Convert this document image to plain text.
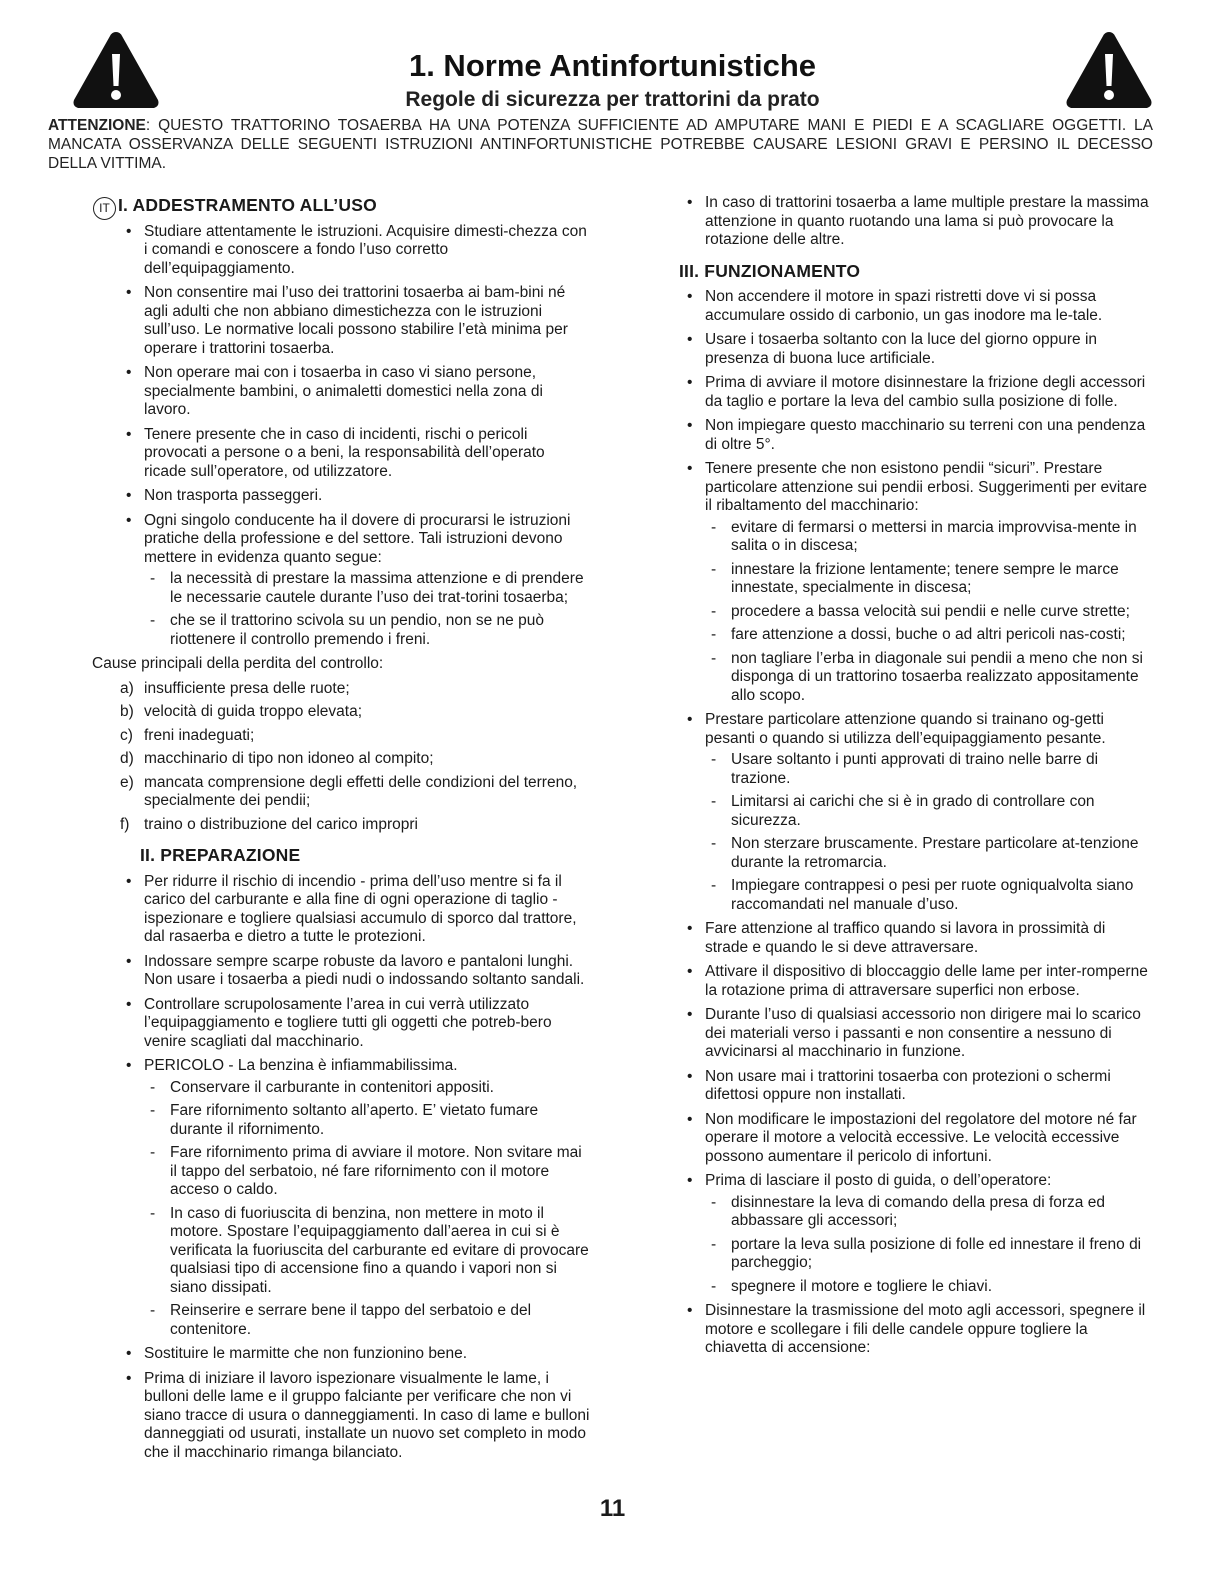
1. Norme Antinfortunistiche
Regole di sicurezza per trattorini da prato

ATTENZIONE: QUESTO TRATTORINO TOSAERBA HA UNA POTENZA SUFFICIENTE AD AMPUTARE MANI E PIEDI E A SCAGLIARE OGGETTI. LA MANCATA OSSERVANZA DELLE SEGUENTI ISTRUZIONI ANTINFORTUNISTICHE POTREBBE CAUSARE LESIONI GRAVI E PERSINO IL DECESSO DELLA VITTIMA.

IT I. ADDESTRAMENTO ALL’USO
• Studiare attentamente le istruzioni. Acquisire dimesti-chezza con i comandi e conoscere a fondo l’uso corretto dell’equipaggiamento.
• Non consentire mai l’uso dei trattorini tosaerba ai bam-bini né agli adulti che non abbiano dimestichezza con le istruzioni sull’uso. Le normative locali possono stabilire l’età minima per operare i trattorini tosaerba.
• Non operare mai con i tosaerba in caso vi siano persone, specialmente bambini, o animaletti domestici nella zona di lavoro.
• Tenere presente che in caso di incidenti, rischi o pericoli provocati a persone o a beni, la responsabilità dell’operato ricade sull’operatore, od utilizzatore.
• Non trasporta passeggeri.
• Ogni singolo conducente ha il dovere di procurarsi le istruzioni pratiche della professione e del settore. Tali istruzioni devono mettere in evidenza quanto segue:
- la necessità di prestare la massima attenzione e di prendere le necessarie cautele durante l’uso dei trat-torini tosaerba;
- che se il trattorino scivola su un pendio, non se ne può riottenere il controllo premendo i freni.

Cause principali della perdita del controllo:

a) insufficiente presa delle ruote;
b) velocità di guida troppo elevata;
c) freni inadeguati;
d) macchinario di tipo non idoneo al compito;
e) mancata comprensione degli effetti delle condizioni del terreno, specialmente dei pendii;
f) traino o distribuzione del carico impropri
II. PREPARAZIONE
• Per ridurre il rischio di incendio - prima dell’uso mentre si fa il carico del carburante e alla fine di ogni operazione di taglio - ispezionare e togliere qualsiasi accumulo di sporco dal trattore, dal rasaerba e dietro a tutte le protezioni.
• Indossare sempre scarpe robuste da lavoro e pantaloni lunghi. Non usare i tosaerba a piedi nudi o indossando soltanto sandali.
• Controllare scrupolosamente l’area in cui verrà utilizzato l’equipaggiamento e togliere tutti gli oggetti che potreb-bero venire scagliati dal macchinario.
• PERICOLO - La benzina è infiammabilissima.
- Conservare il carburante in contenitori appositi.
- Fare rifornimento soltanto all’aperto. E’ vietato fumare durante il rifornimento.
- Fare rifornimento prima di avviare il motore. Non svitare mai il tappo del serbatoio, né fare rifornimento con il motore acceso o caldo.
- In caso di fuoriuscita di benzina, non mettere in moto il motore. Spostare l’equipaggiamento dall’aerea in cui si è verificata la fuoriuscita del carburante ed evitare di provocare qualsiasi tipo di accensione fino a quando i vapori non si siano dissipati.
- Reinserire e serrare bene il tappo del serbatoio e del contenitore.
• Sostituire le marmitte che non funzionino bene.
• Prima di iniziare il lavoro ispezionare visualmente le lame, i bulloni delle lame e il gruppo falciante per verificare che non vi siano tracce di usura o danneggiamenti. In caso di lame e bulloni danneggiati od usurati, installate un nuovo set completo in modo che il macchinario rimanga bilanciato.
• In caso di trattorini tosaerba a lame multiple prestare la massima attenzione in quanto ruotando una lama si può provocare la rotazione delle altre.
III. FUNZIONAMENTO
• Non accendere il motore in spazi ristretti dove vi si possa accumulare ossido di carbonio, un gas inodore ma le-tale.
• Usare i tosaerba soltanto con la luce del giorno oppure in presenza di buona luce artificiale.
• Prima di avviare il motore disinnestare la frizione degli accessori da taglio e portare la leva del cambio sulla posizione di folle.
• Non impiegare questo macchinario su terreni con una pendenza di oltre 5°.
• Tenere presente che non esistono pendii “sicuri”. Prestare particolare attenzione sui pendii erbosi. Suggerimenti per evitare il ribaltamento del macchinario:
- evitare di fermarsi o mettersi in marcia improvvisa-mente in salita o in discesa;
- innestare la frizione lentamente; tenere sempre le marce innestate, specialmente in discesa;
- procedere a bassa velocità sui pendii e nelle curve strette;
- fare attenzione a dossi, buche o ad altri pericoli nas-costi;
- non tagliare l’erba in diagonale sui pendii a meno che non si disponga di un trattorino tosaerba realizzato appositamente allo scopo.
• Prestare particolare attenzione quando si trainano og-getti pesanti o quando si utilizza dell’equipaggiamento pesante.
- Usare soltanto i punti approvati di traino nelle barre di trazione.
- Limitarsi ai carichi che si è in grado di controllare con sicurezza.
- Non sterzare bruscamente. Prestare particolare at-tenzione durante la retromarcia.
- Impiegare contrappesi o pesi per ruote ogniqualvolta siano raccomandati nel manuale d’uso.
• Fare attenzione al traffico quando si lavora in prossimità di strade e quando le si deve attraversare.
• Attivare il dispositivo di bloccaggio delle lame per inter-romperne la rotazione prima di attraversare superfici non erbose.
• Durante l’uso di qualsiasi accessorio non dirigere mai lo scarico dei materiali verso i passanti e non consentire a nessuno di avvicinarsi al macchinario in funzione.
• Non usare mai i trattorini tosaerba con protezioni o schermi difettosi oppure non installati.
• Non modificare le impostazioni del regolatore del motore né far operare il motore a velocità eccessive. Le velocità eccessive possono aumentare il pericolo di infortuni.
• Prima di lasciare il posto di guida, o dell’operatore:
- disinnestare la leva di comando della presa di forza ed abbassare gli accessori;
- portare la leva sulla posizione di folle ed innestare il freno di parcheggio;
- spegnere il motore e togliere le chiavi.
• Disinnestare la trasmissione del moto agli accessori, spegnere il motore e scollegare i fili delle candele oppure togliere la chiavetta di accensione:
11
